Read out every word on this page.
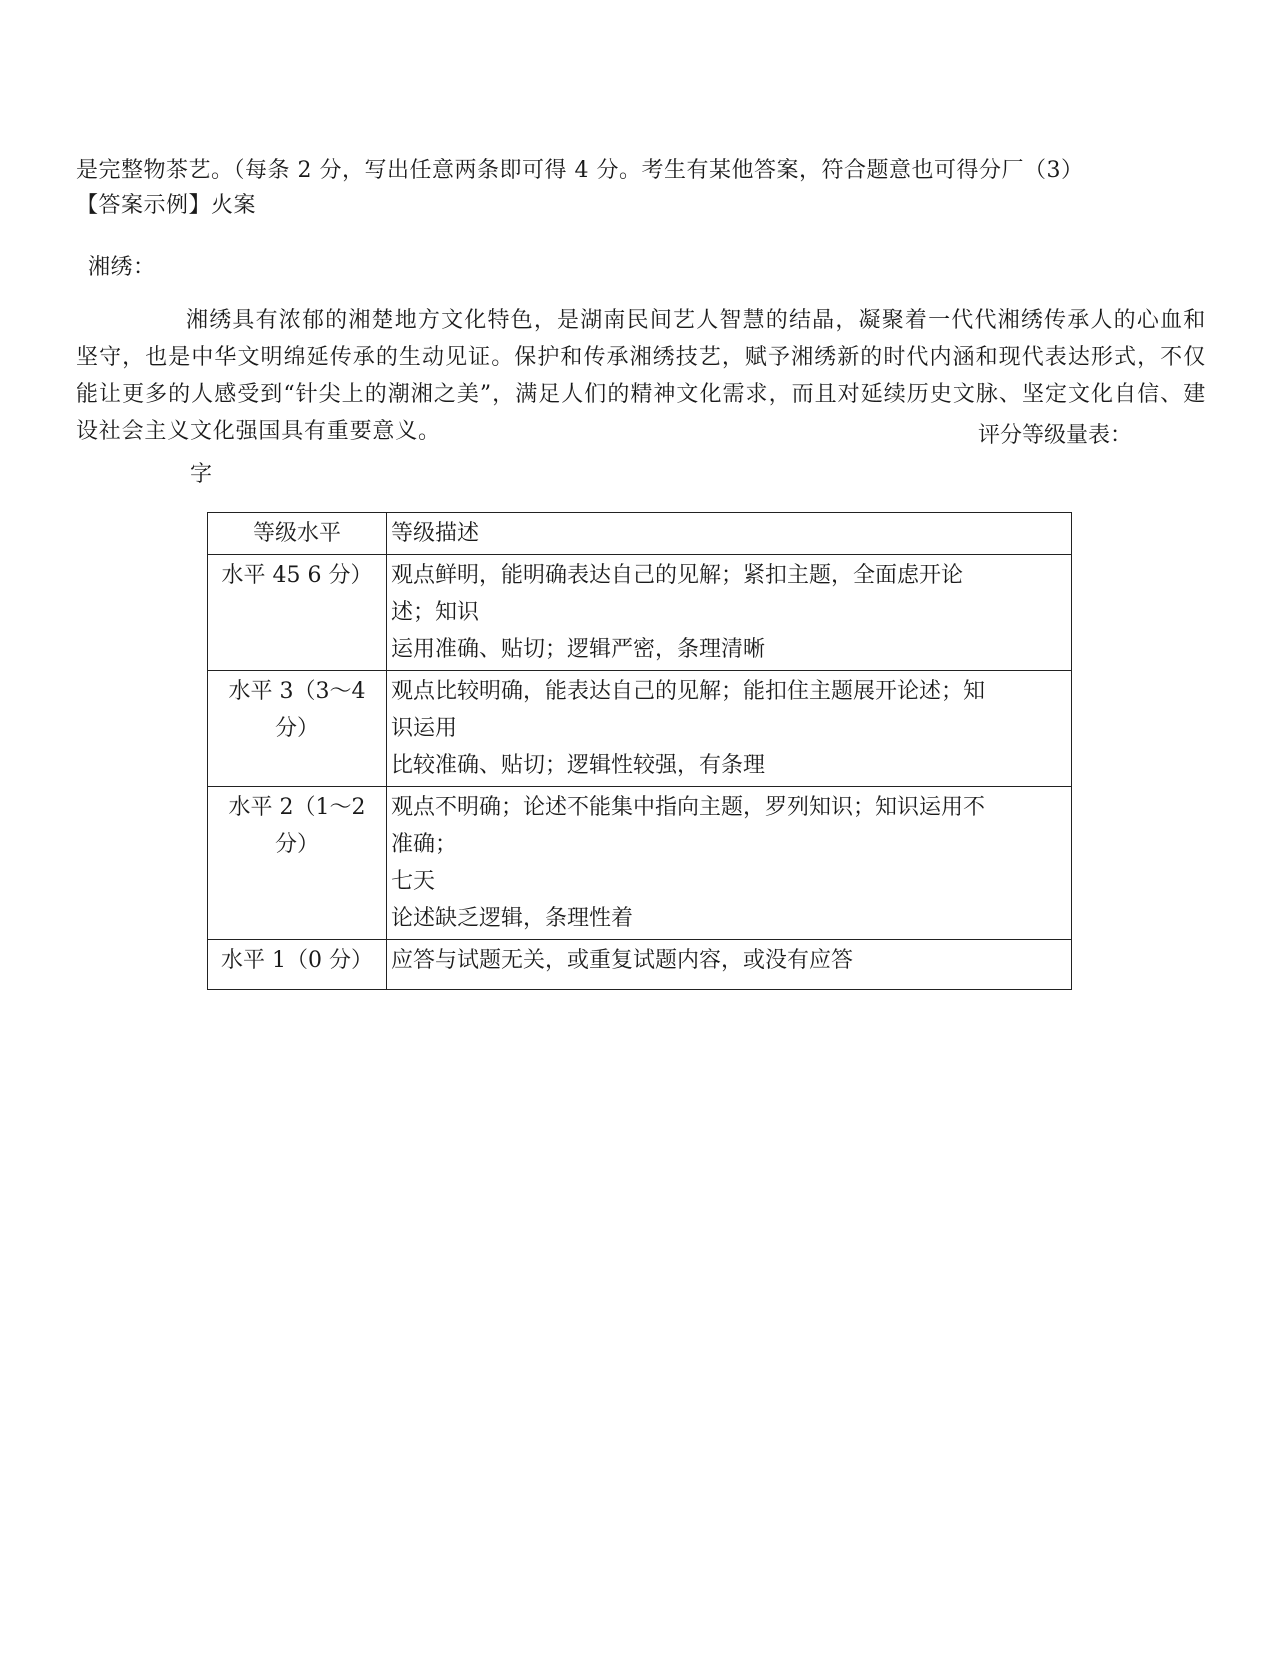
是完整物茶艺。（每条 2 分，写出任意两条即可得 4 分。考生有某他答案，符合题意也可得分厂（3）

【答案示例】火案

湘绣：

湘绣具有浓郁的湘楚地方文化特色，是湖南民间艺人智慧的结晶，凝聚着一代代湘绣传承人的心血和坚守，也是中华文明绵延传承的生动见证。保护和传承湘绣技艺，赋予湘绣新的时代内涵和现代表达形式，不仅能让更多的人感受到“针尖上的潮湘之美”，满足人们的精神文化需求，而且对延续历史文脉、坚定文化自信、建设社会主义文化强国具有重要意义。	评分等级量表：

字

等级水平	等级描述
水平 45 6 分）	观点鲜明，能明确表达自己的见解；紧扣主题，全面虑开论
述；知识
运用准确、贴切；逻辑严密，条理清晰

水平 3（3～4 分）	观点比较明确，能表达自己的见解；能扣住主题展开论述；知
识运用
比较准确、贴切；逻辑性较强，有条理

水平 2（1～2 分）	观点不明确；论述不能集中指向主题，罗列知识；知识运用不
准确；
七天
论述缺乏逻辑，条理性着

水平 1（0 分）	应答与试题无关，或重复试题内容，或没有应答
